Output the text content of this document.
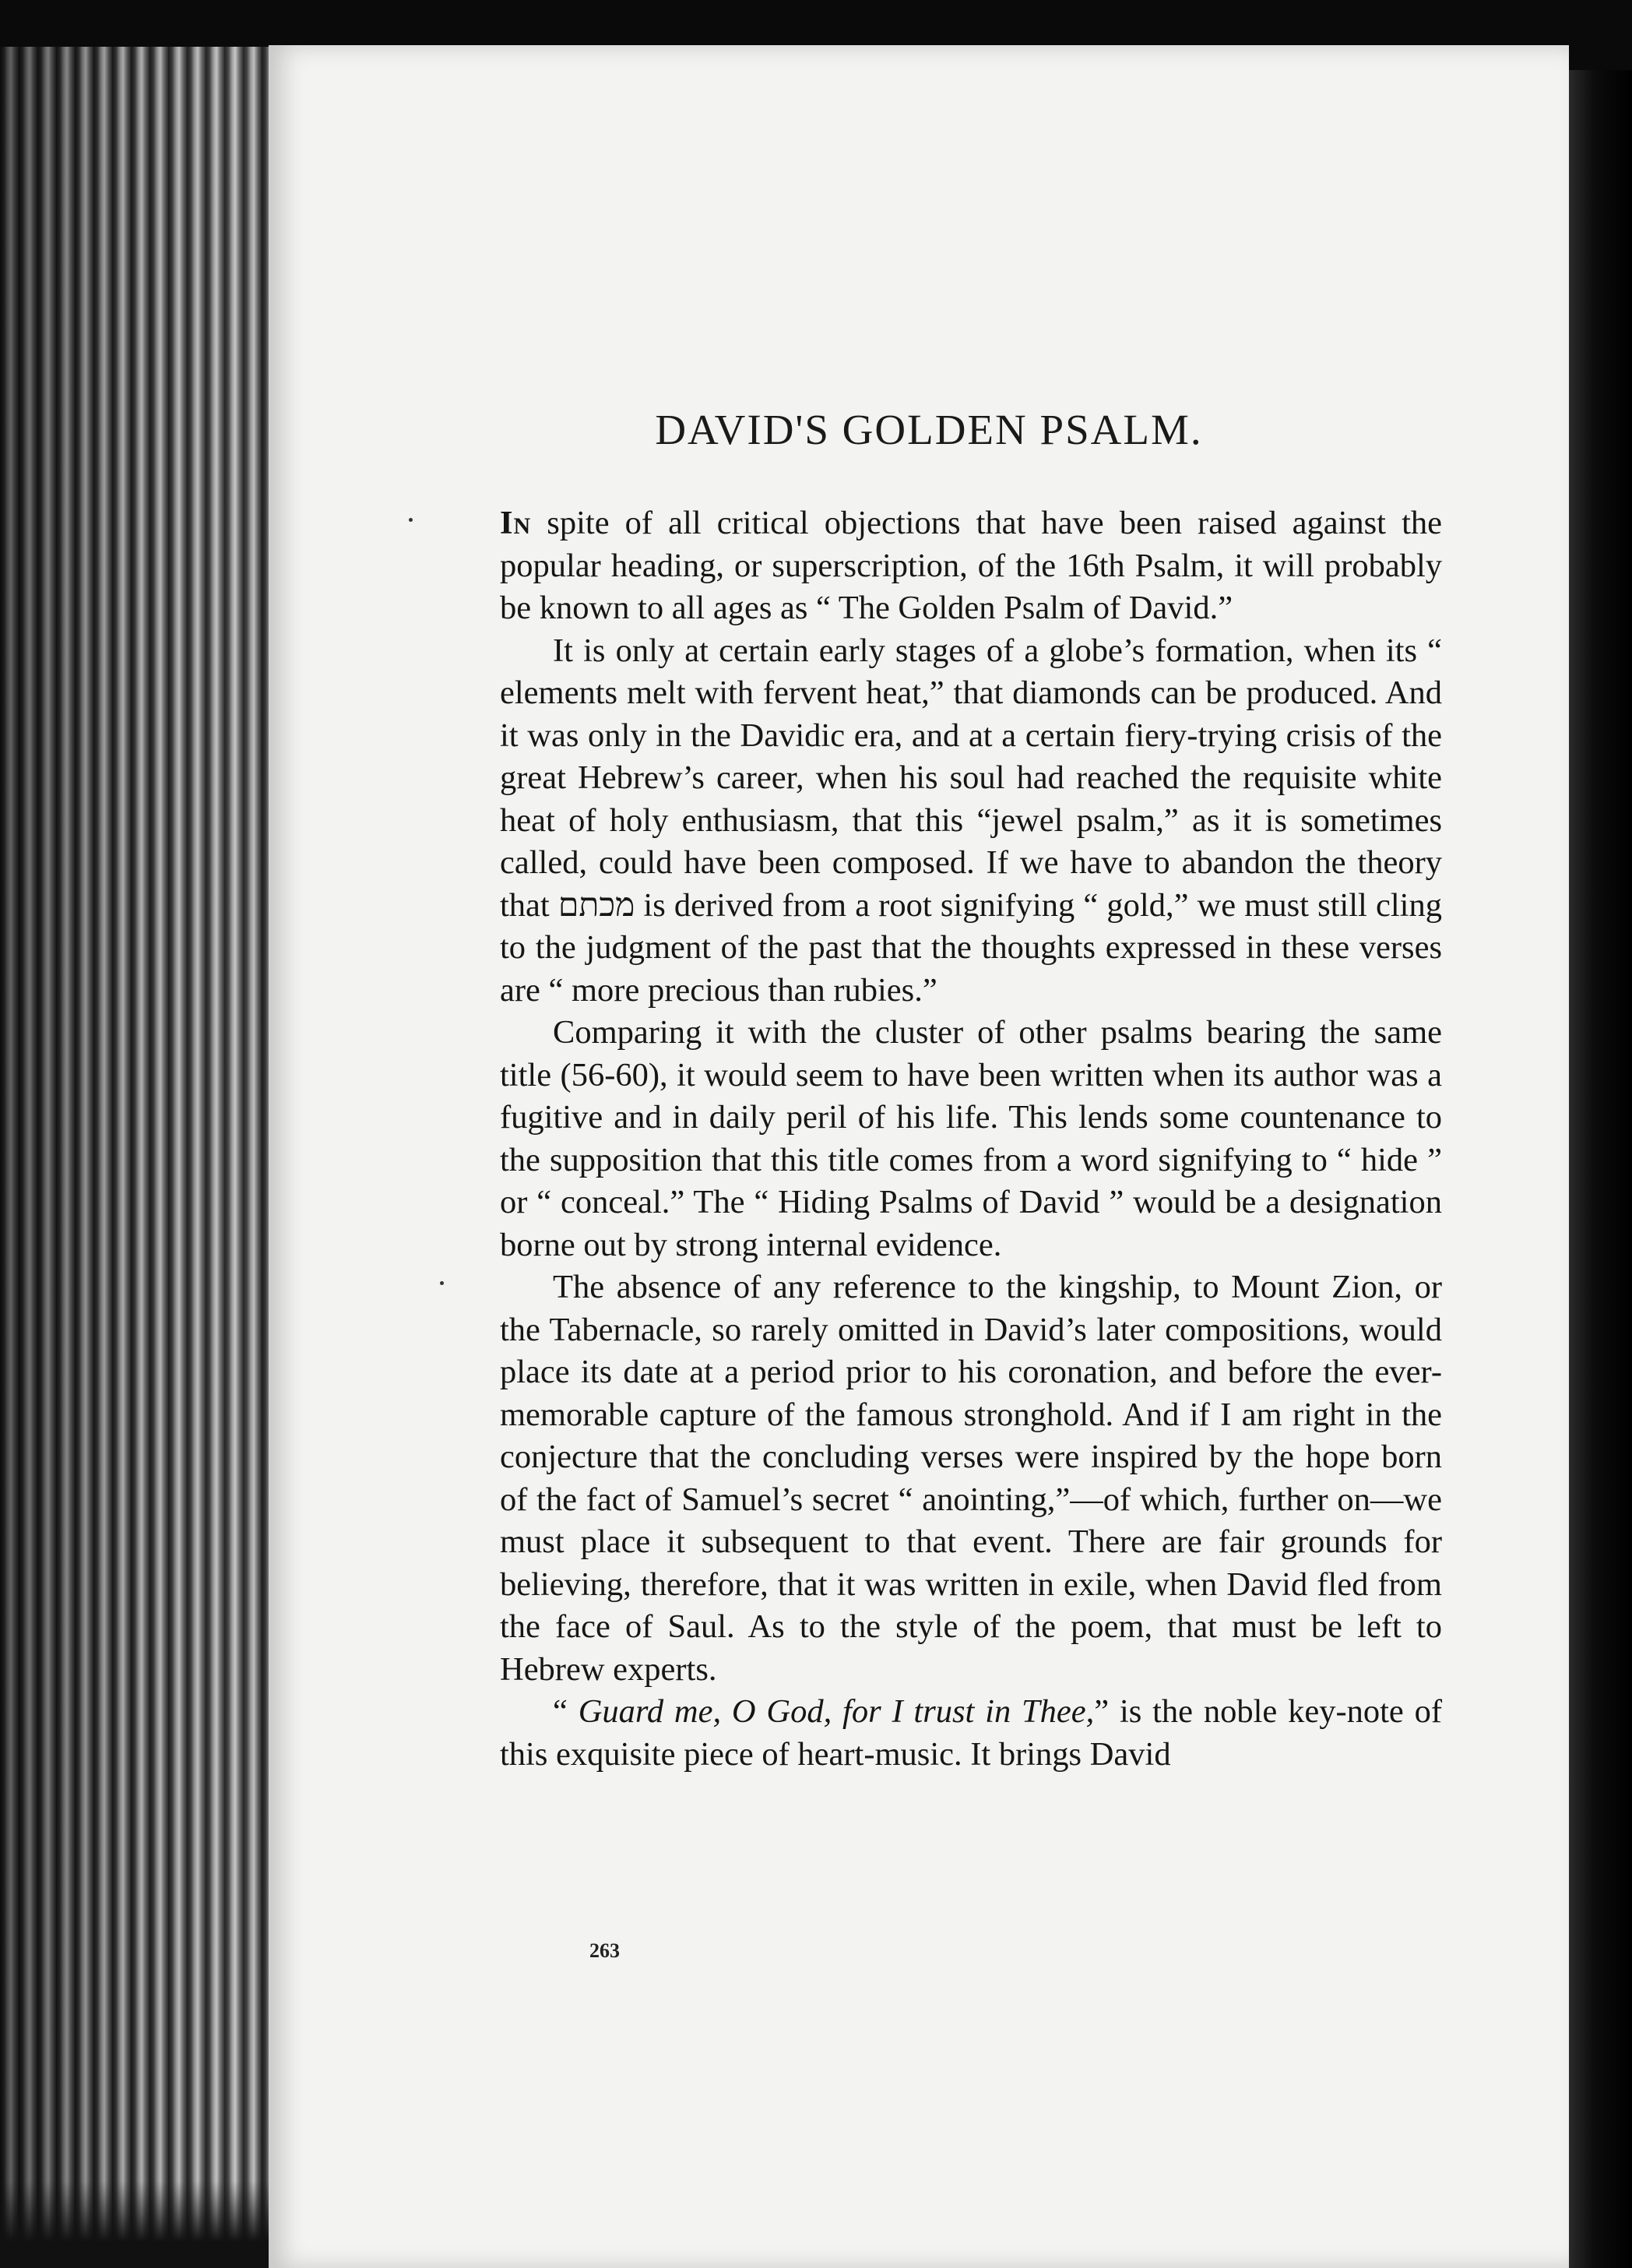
DAVID'S GOLDEN PSALM.

In spite of all critical objections that have been raised against the popular heading, or superscription, of the 16th Psalm, it will probably be known to all ages as “ The Golden Psalm of David.”

It is only at certain early stages of a globe’s formation, when its “ elements melt with fervent heat,” that diamonds can be produced. And it was only in the Davidic era, and at a certain fiery-trying crisis of the great Hebrew’s career, when his soul had reached the requisite white heat of holy enthusiasm, that this “jewel psalm,” as it is sometimes called, could have been composed. If we have to abandon the theory that מכתם is derived from a root signifying “ gold,” we must still cling to the judgment of the past that the thoughts expressed in these verses are “ more precious than rubies.”

Comparing it with the cluster of other psalms bearing the same title (56-60), it would seem to have been written when its author was a fugitive and in daily peril of his life. This lends some countenance to the supposition that this title comes from a word signifying to “ hide ” or “ conceal.” The “ Hiding Psalms of David ” would be a designation borne out by strong internal evidence.

The absence of any reference to the kingship, to Mount Zion, or the Tabernacle, so rarely omitted in David’s later compositions, would place its date at a period prior to his coronation, and before the ever-memorable capture of the famous stronghold. And if I am right in the conjecture that the concluding verses were inspired by the hope born of the fact of Samuel’s secret “ anointing,”—of which, further on—we must place it subsequent to that event. There are fair grounds for believing, therefore, that it was written in exile, when David fled from the face of Saul. As to the style of the poem, that must be left to Hebrew experts.

“ Guard me, O God, for I trust in Thee,” is the noble key-note of this exquisite piece of heart-music. It brings David

263
